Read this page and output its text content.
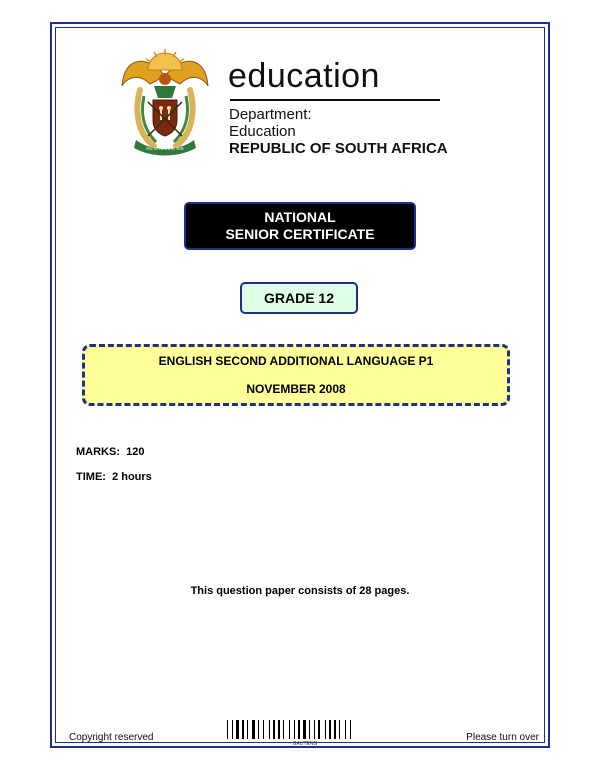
!KE E: /XARRA //KE
education
Department:
Education
REPUBLIC OF SOUTH AFRICA
NATIONAL
SENIOR CERTIFICATE
GRADE 12
ENGLISH SECOND ADDITIONAL LANGUAGE P1
NOVEMBER 2008
MARKS:  120
TIME:  2 hours
This question paper consists of 28 pages.
Copyright reserved
GAUTENG
Please turn over
